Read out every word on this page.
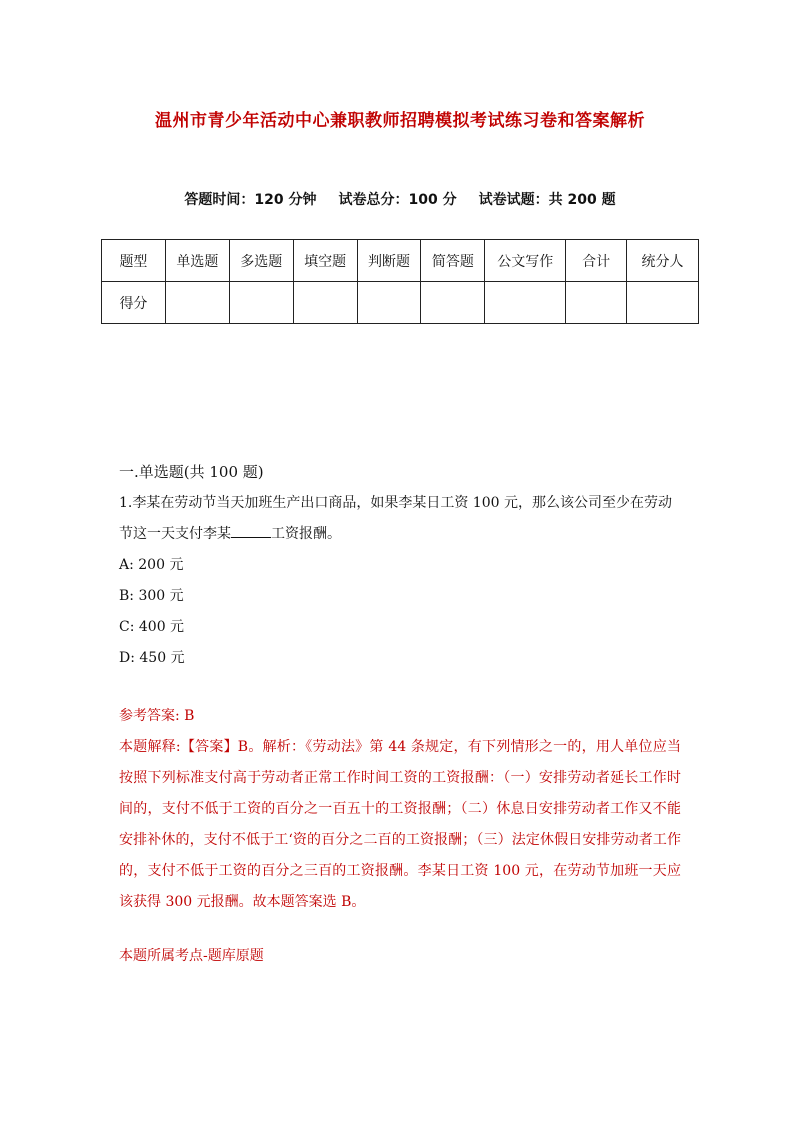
温州市青少年活动中心兼职教师招聘模拟考试练习卷和答案解析
答题时间：120 分钟 试卷总分：100 分 试卷试题：共 200 题
题型	单选题	多选题	填空题	判断题	简答题	公文写作	合计	统分人
得分								
一.单选题(共 100 题)

1.李某在劳动节当天加班生产出口商品，如果李某日工资 100 元，那么该公司至少在劳动节这一天支付李某	工资报酬。

A: 200 元

B: 300 元

C: 400 元

D: 450 元

参考答案: B

本题解释:【答案】B。解析：《劳动法》第 44 条规定，有下列情形之一的，用人单位应当按照下列标准支付高于劳动者正常工作时间工资的工资报酬：（一）安排劳动者延长工作时间的，支付不低于工资的百分之一百五十的工资报酬；（二）休息日安排劳动者工作又不能安排补休的，支付不低于工‘资的百分之二百的工资报酬；（三）法定休假日安排劳动者工作的，支付不低于工资的百分之三百的工资报酬。李某日工资 100 元，在劳动节加班一天应该获得 300 元报酬。故本题答案选 B。

本题所属考点-题库原题
